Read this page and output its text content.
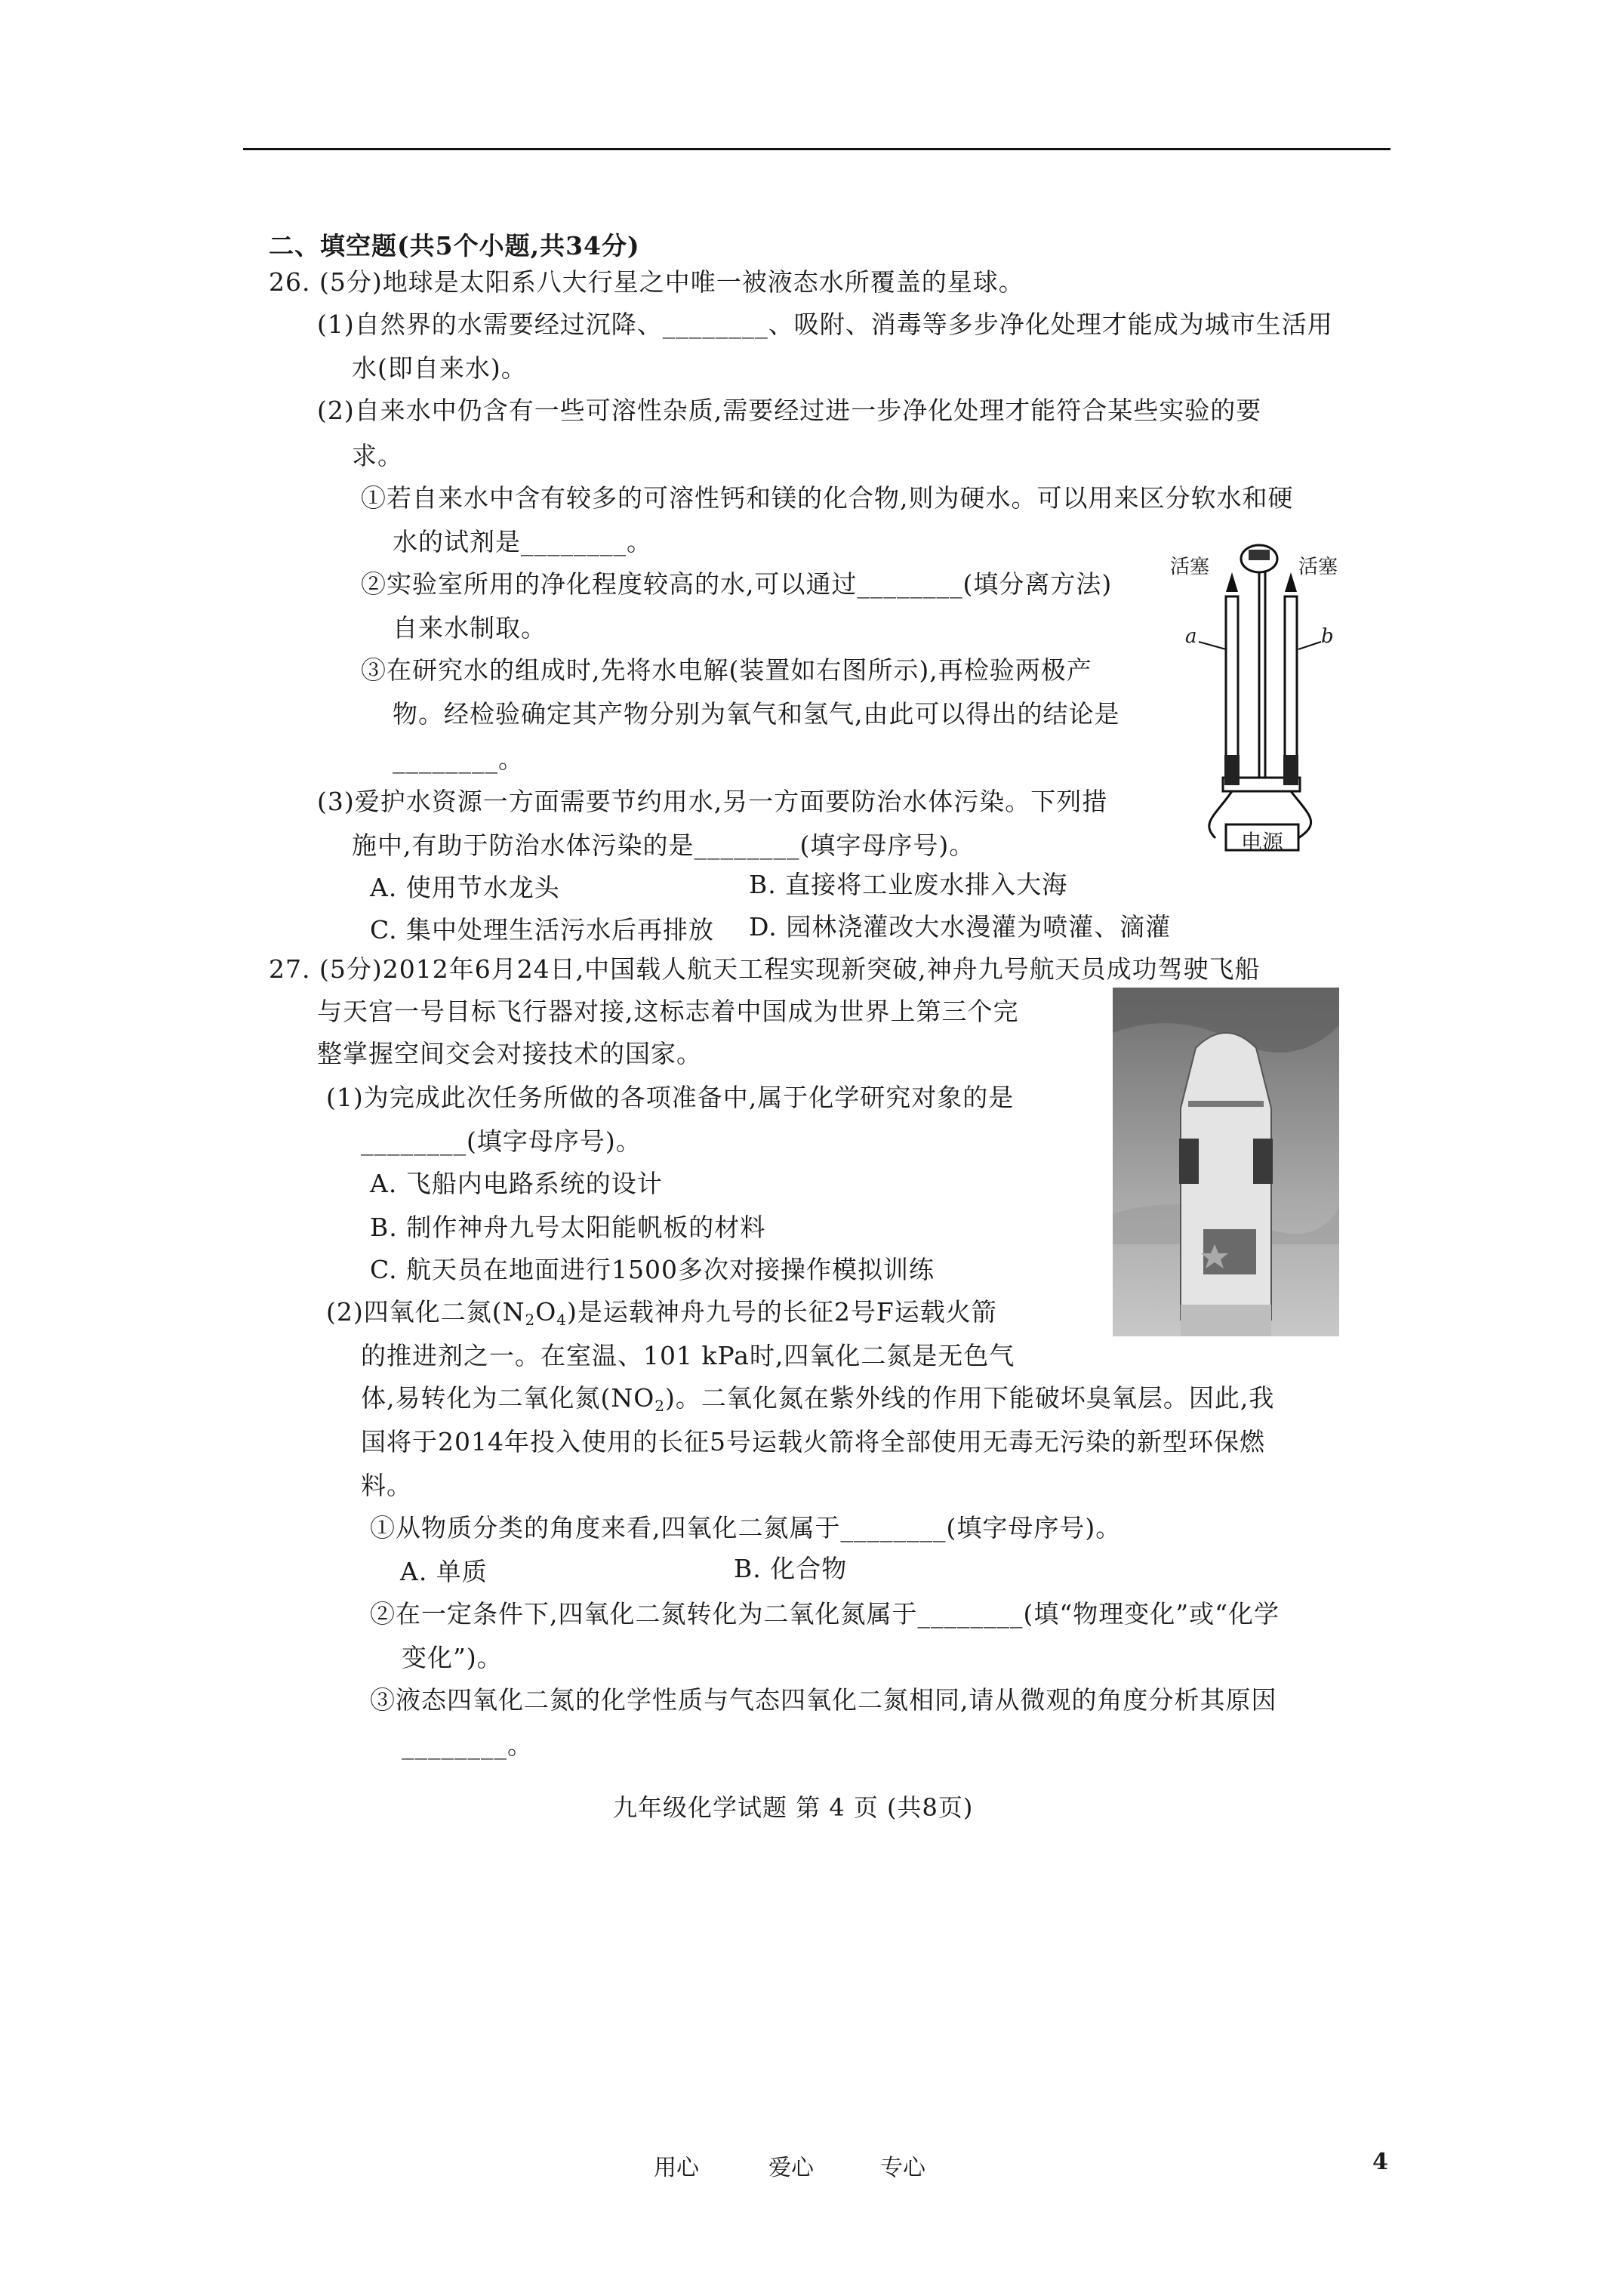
二、填空题(共5个小题,共34分)
26. (5分)地球是太阳系八大行星之中唯一被液态水所覆盖的星球。
(1)自然界的水需要经过沉降、________、吸附、消毒等多步净化处理才能成为城市生活用
水(即自来水)。
(2)自来水中仍含有一些可溶性杂质,需要经过进一步净化处理才能符合某些实验的要
求。
①若自来水中含有较多的可溶性钙和镁的化合物,则为硬水。可以用来区分软水和硬
水的试剂是________。
②实验室所用的净化程度较高的水,可以通过________(填分离方法)
自来水制取。
③在研究水的组成时,先将水电解(装置如右图所示),再检验两极产
物。经检验确定其产物分别为氧气和氢气,由此可以得出的结论是
________。
(3)爱护水资源一方面需要节约用水,另一方面要防治水体污染。下列措
施中,有助于防治水体污染的是________(填字母序号)。
A. 使用节水龙头	B. 直接将工业废水排入大海
C. 集中处理生活污水后再排放 D. 园林浇灌改大水漫灌为喷灌、滴灌
活塞	活塞
a	b
电源
27. (5分)2012年6月24日,中国载人航天工程实现新突破,神舟九号航天员成功驾驶飞船
与天宫一号目标飞行器对接,这标志着中国成为世界上第三个完
整掌握空间交会对接技术的国家。
(1)为完成此次任务所做的各项准备中,属于化学研究对象的是
________(填字母序号)。
A. 飞船内电路系统的设计
B. 制作神舟九号太阳能帆板的材料
C. 航天员在地面进行1500多次对接操作模拟训练
(2)四氧化二氮$(N_2O_4)$是运载神舟九号的长征2号F运载火箭
的推进剂之一。在室温、101 kPa时,四氧化二氮是无色气
体,易转化为二氧化氮$(NO_2)$。二氧化氮在紫外线的作用下能破坏臭氧层。因此,我
国将于2014年投入使用的长征5号运载火箭将全部使用无毒无污染的新型环保燃
料。
①从物质分类的角度来看,四氧化二氮属于________(填字母序号)。
A. 单质	B. 化合物
②在一定条件下,四氧化二氮转化为二氧化氮属于________(填“物理变化”或“化学
变化”)。
③液态四氧化二氮的化学性质与气态四氧化二氮相同,请从微观的角度分析其原因
________。
九年级化学试题 第 4 页 (共8页)
用心	爱心	专心	4
